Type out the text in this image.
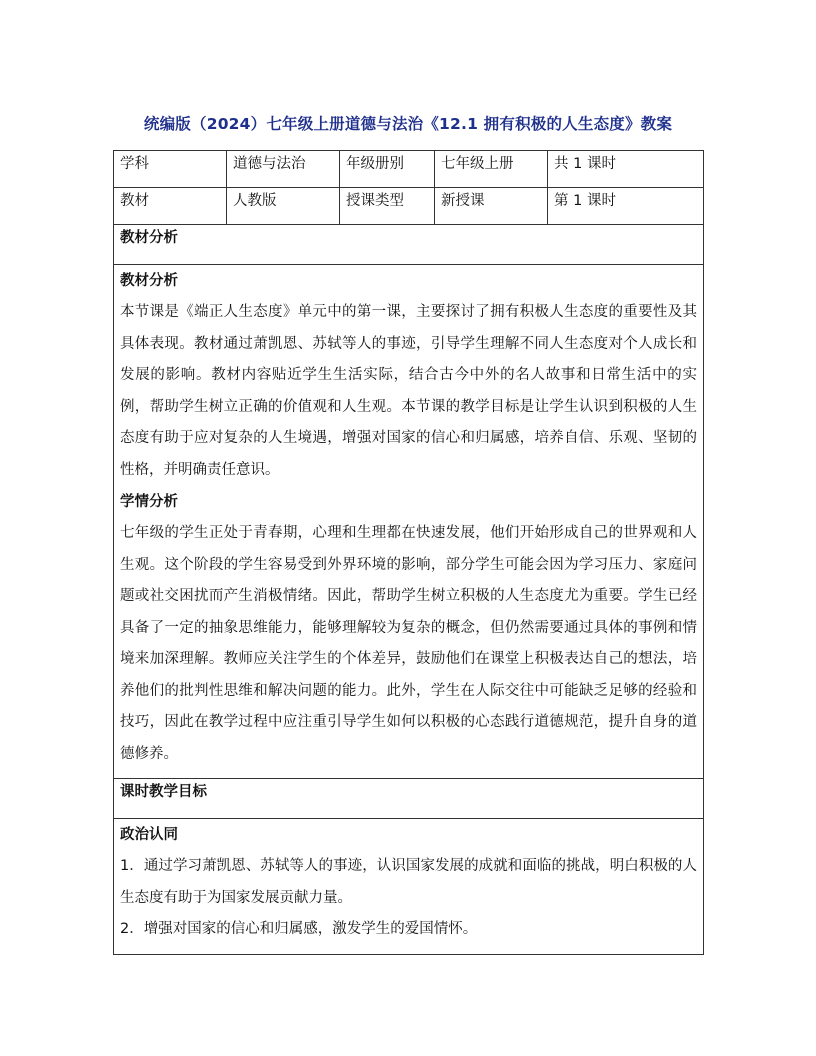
统编版（2024）七年级上册道德与法治《12.1 拥有积极的人生态度》教案
学科	道德与法治	年级册别	七年级上册	共 1 课时
教材	人教版	授课类型	新授课	第 1 课时
教材分析				

教材分析

本节课是《端正人生态度》单元中的第一课，主要探讨了拥有积极人生态度的重要性及其具体表现。教材通过萧凯恩、苏轼等人的事迹，引导学生理解不同人生态度对个人成长和发展的影响。教材内容贴近学生生活实际，结合古今中外的名人故事和日常生活中的实例，帮助学生树立正确的价值观和人生观。本节课的教学目标是让学生认识到积极的人生态度有助于应对复杂的人生境遇，增强对国家的信心和归属感，培养自信、乐观、坚韧的性格，并明确责任意识。

学情分析

七年级的学生正处于青春期，心理和生理都在快速发展，他们开始形成自己的世界观和人生观。这个阶段的学生容易受到外界环境的影响，部分学生可能会因为学习压力、家庭问题或社交困扰而产生消极情绪。因此，帮助学生树立积极的人生态度尤为重要。学生已经具备了一定的抽象思维能力，能够理解较为复杂的概念，但仍然需要通过具体的事例和情境来加深理解。教师应关注学生的个体差异，鼓励他们在课堂上积极表达自己的想法，培养他们的批判性思维和解决问题的能力。此外，学生在人际交往中可能缺乏足够的经验和技巧，因此在教学过程中应注重引导学生如何以积极的心态践行道德规范，提升自身的道德修养。				

课时教学目标				

政治认同

1．通过学习萧凯恩、苏轼等人的事迹，认识国家发展的成就和面临的挑战，明白积极的人生态度有助于为国家发展贡献力量。

2．增强对国家的信心和归属感，激发学生的爱国情怀。				
